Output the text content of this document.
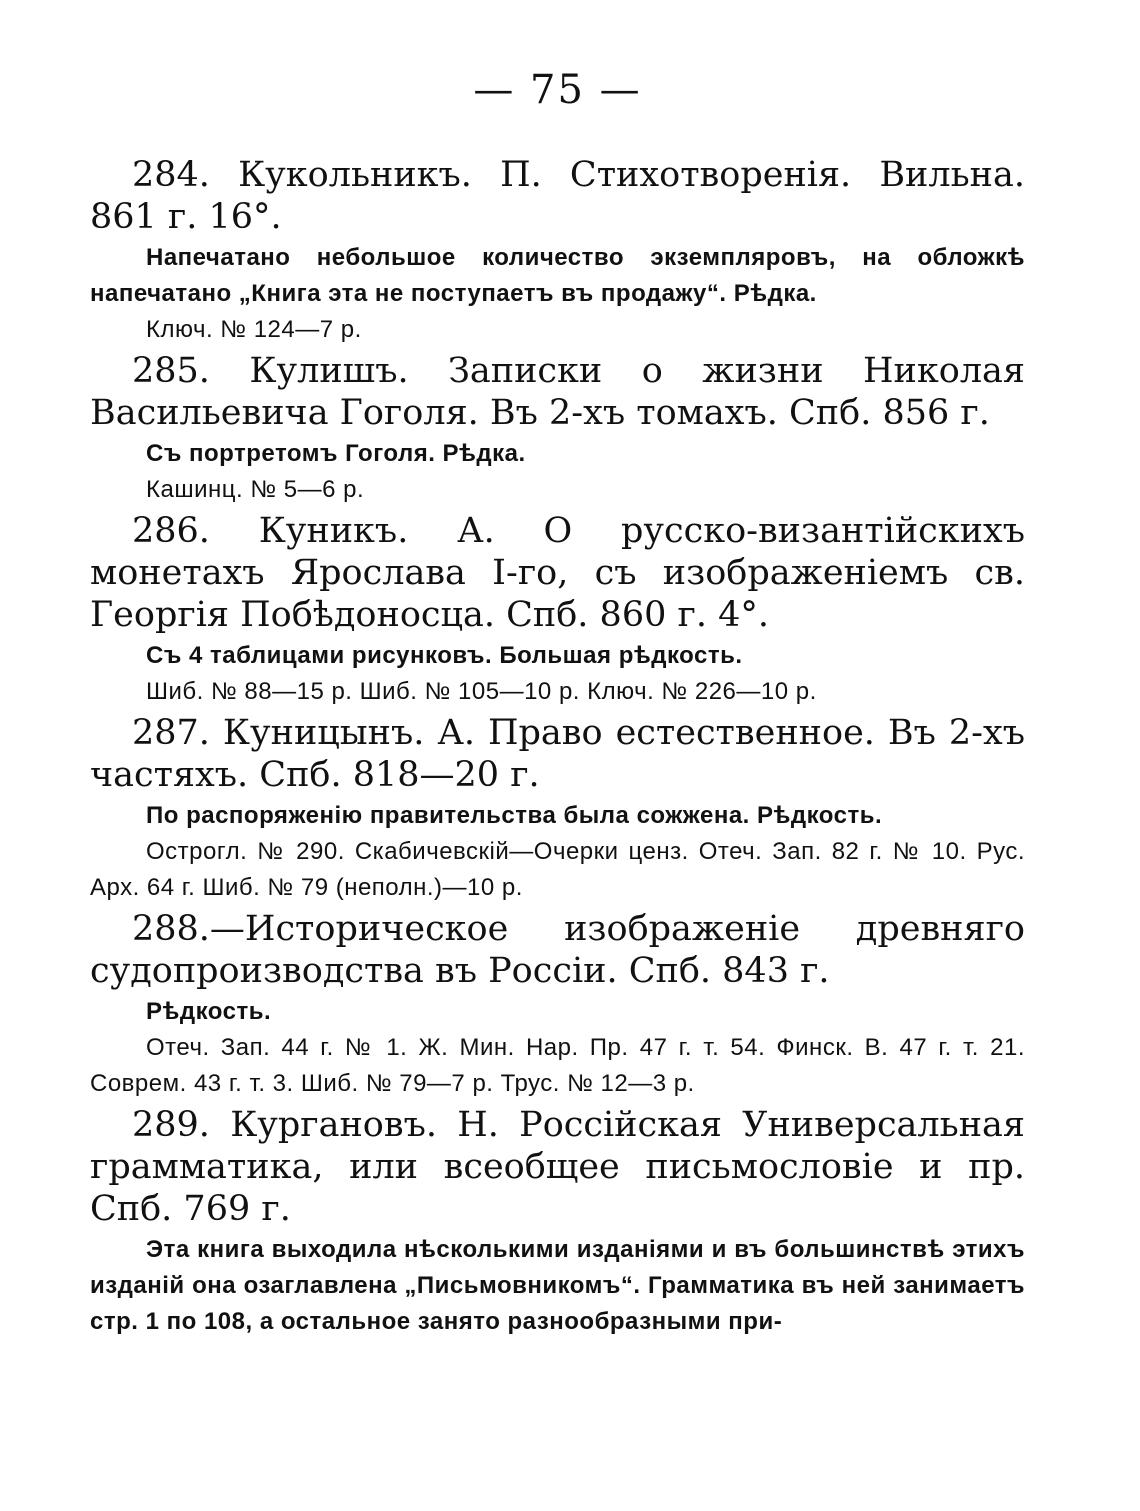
— 75 —

284. Кукольникъ. П. Стихотворенія. Вильна. 861 г. 16°.

Напечатано небольшое количество экземпляровъ, на обложкѣ напечатано „Книга эта не поступаетъ въ продажу“. Рѣдка.

Ключ. № 124—7 р.

285. Кулишъ. Записки о жизни Николая Васильевича Гоголя. Въ 2-хъ томахъ. Спб. 856 г.

Съ портретомъ Гоголя. Рѣдка.

Кашинц. № 5—6 р.

286. Куникъ. А. О русско-византійскихъ монетахъ Ярослава I-го, съ изображеніемъ св. Георгія Побѣдоносца. Спб. 860 г. 4°.

Съ 4 таблицами рисунковъ. Большая рѣдкость.

Шиб. № 88—15 р. Шиб. № 105—10 р. Ключ. № 226—10 р.

287. Куницынъ. А. Право естественное. Въ 2-хъ частяхъ. Спб. 818—20 г.

По распоряженію правительства была сожжена. Рѣдкость.

Острогл. № 290. Скабичевскій—Очерки ценз. Отеч. Зап. 82 г. № 10. Рус. Арх. 64 г. Шиб. № 79 (неполн.)—10 р.

288.—Историческое изображеніе древняго судопроизводства въ Россіи. Спб. 843 г.

Рѣдкость.

Отеч. Зап. 44 г. № 1. Ж. Мин. Нар. Пр. 47 г. т. 54. Финск. В. 47 г. т. 21. Соврем. 43 г. т. 3. Шиб. № 79—7 р. Трус. № 12—3 р.

289. Кургановъ. Н. Россійская Универсальная грамматика, или всеобщее письмословіе и пр. Спб. 769 г.

Эта книга выходила нѣсколькими изданіями и въ большинствѣ этихъ изданій она озаглавлена „Письмовникомъ“. Грамматика въ ней занимаетъ стр. 1 по 108, а остальное занято разнообразными при-
